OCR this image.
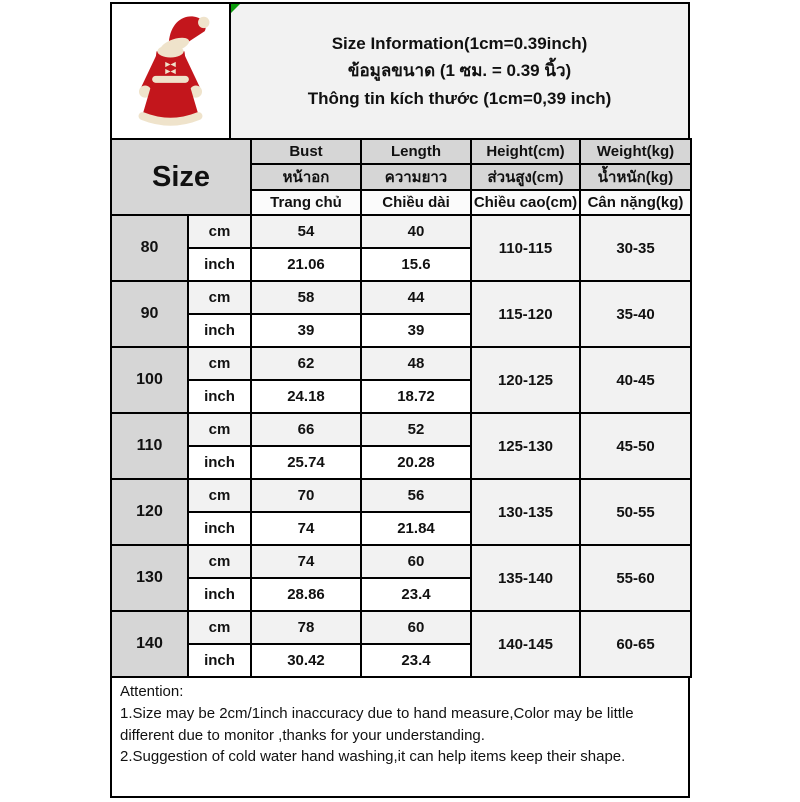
Size Information(1cm=0.39inch)
ข้อมูลขนาด (1 ซม. = 0.39 นิ้ว)
Thông tin kích thước (1cm=0,39 inch)
Size		Bust	Length	Height(cm)	Weight(kg)
		หน้าอก	ความยาว	ส่วนสูง(cm)	น้ำหนัก(kg)
		Trang chủ	Chiều dài	Chiều cao(cm)	Cân nặng(kg)
80	cm	54	40	110-115	30-35
	inch	21.06	15.6		
90	cm	58	44	115-120	35-40
	inch	39	39		
100	cm	62	48	120-125	40-45
	inch	24.18	18.72		
110	cm	66	52	125-130	45-50
	inch	25.74	20.28		
120	cm	70	56	130-135	50-55
	inch	74	21.84		
130	cm	74	60	135-140	55-60
	inch	28.86	23.4		
140	cm	78	60	140-145	60-65
	inch	30.42	23.4		
Attention:
1.Size may be 2cm/1inch inaccuracy due to hand measure,Color may be little different due to monitor ,thanks for your understanding.
2.Suggestion of cold water hand washing,it can help items keep their shape.
